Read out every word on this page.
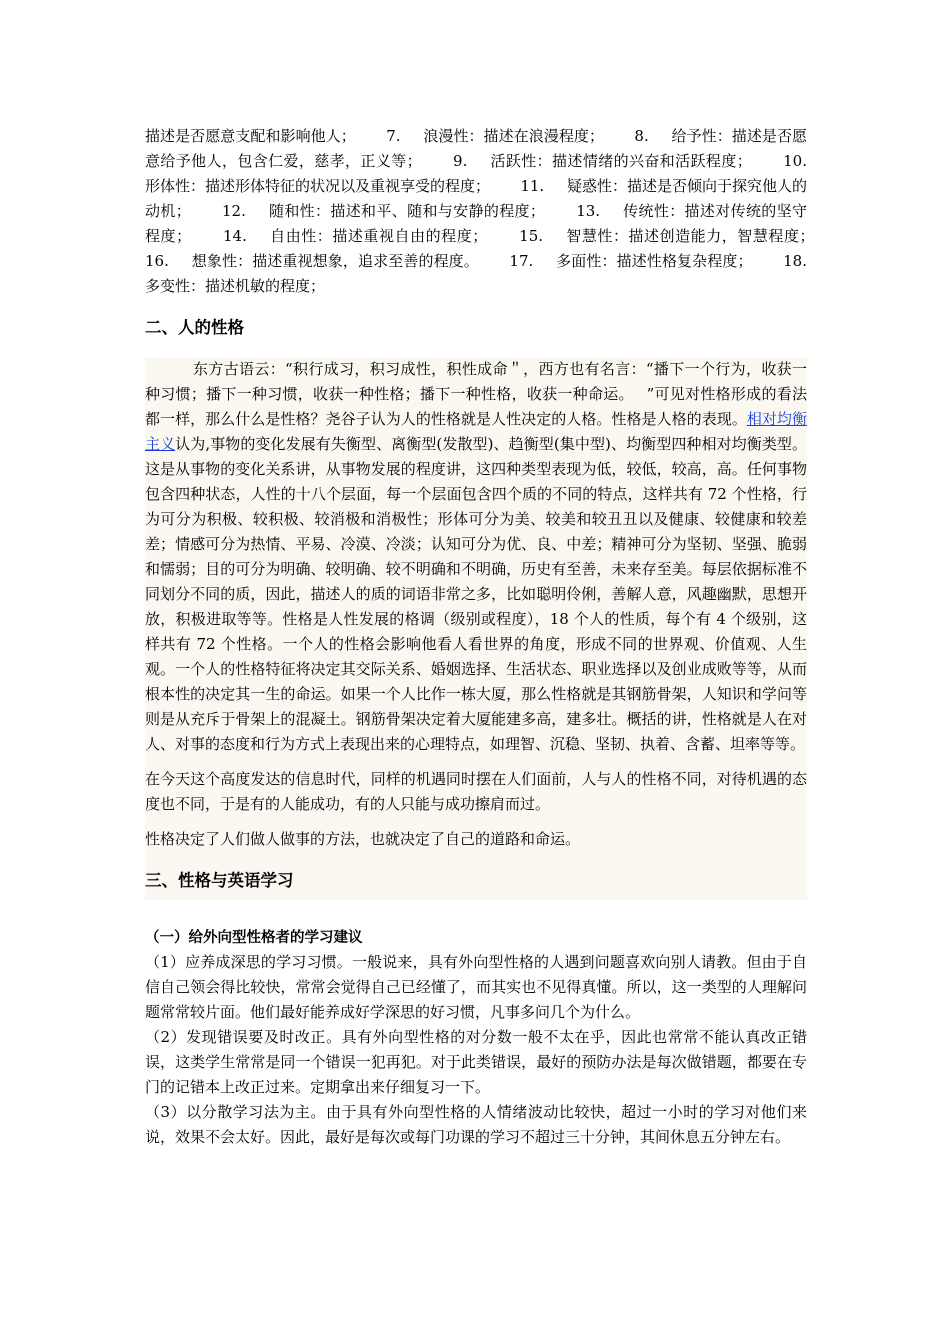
描述是否愿意支配和影响他人；　 7. 浪漫性：描述在浪漫程度；　 8. 给予性：描述是否愿意给予他人，包含仁爱，慈孝，正义等；　 9. 活跃性：描述情绪的兴奋和活跃程度；　 10. 形体性：描述形体特征的状况以及重视享受的程度；　 11. 疑惑性：描述是否倾向于探究他人的动机；　 12. 随和性：描述和平、随和与安静的程度；　 13. 传统性：描述对传统的坚守程度；　 14. 自由性：描述重视自由的程度；　 15. 智慧性：描述创造能力，智慧程度；　 16. 想象性：描述重视想象，追求至善的程度。　 17. 多面性：描述性格复杂程度；　 18. 多变性：描述机敏的程度；

二、人的性格

东方古语云：“积行成习，积习成性，积性成命＂，西方也有名言：“播下一个行为，收获一种习惯；播下一种习惯，收获一种性格；播下一种性格，收获一种命运。　 ”可见对性格形成的看法都一样，那么什么是性格？尧谷子认为人的性格就是人性决定的人格。性格是人格的表现。相对均衡主义认为,事物的变化发展有失衡型、离衡型(发散型)、趋衡型(集中型)、均衡型四种相对均衡类型。这是从事物的变化关系讲，从事物发展的程度讲，这四种类型表现为低，较低，较高，高。任何事物包含四种状态，人性的十八个层面，每一个层面包含四个质的不同的特点，这样共有 72 个性格，行为可分为积极、较积极、较消极和消极性；形体可分为美、较美和较丑丑以及健康、较健康和较差差；情感可分为热情、平易、冷漠、冷淡；认知可分为优、良、中差；精神可分为坚韧、坚强、脆弱和懦弱；目的可分为明确、较明确、较不明确和不明确，历史有至善，未来存至美。每层依据标准不同划分不同的质，因此，描述人的质的词语非常之多，比如聪明伶俐，善解人意，风趣幽默，思想开放，积极进取等等。性格是人性发展的格调（级别或程度），18 个人的性质，每个有 4 个级别，这样共有 72 个性格。一个人的性格会影响他看人看世界的角度，形成不同的世界观、价值观、人生观。一个人的性格特征将决定其交际关系、婚姻选择、生活状态、职业选择以及创业成败等等，从而根本性的决定其一生的命运。如果一个人比作一栋大厦，那么性格就是其钢筋骨架，人知识和学问等则是从充斥于骨架上的混凝土。钢筋骨架决定着大厦能建多高，建多壮。概括的讲，性格就是人在对人、对事的态度和行为方式上表现出来的心理特点，如理智、沉稳、坚韧、执着、含蓄、坦率等等。

在今天这个高度发达的信息时代，同样的机遇同时摆在人们面前，人与人的性格不同，对待机遇的态度也不同，于是有的人能成功，有的人只能与成功擦肩而过。

性格决定了人们做人做事的方法，也就决定了自己的道路和命运。

三、性格与英语学习
（一）给外向型性格者的学习建议

（1）应养成深思的学习习惯。一般说来，具有外向型性格的人遇到问题喜欢向别人请教。但由于自信自己领会得比较快，常常会觉得自己已经懂了，而其实也不见得真懂。所以，这一类型的人理解问题常常较片面。他们最好能养成好学深思的好习惯，凡事多问几个为什么。

（2）发现错误要及时改正。具有外向型性格的对分数一般不太在乎，因此也常常不能认真改正错误，这类学生常常是同一个错误一犯再犯。对于此类错误，最好的预防办法是每次做错题，都要在专门的记错本上改正过来。定期拿出来仔细复习一下。

（3）以分散学习法为主。由于具有外向型性格的人情绪波动比较快，超过一小时的学习对他们来说，效果不会太好。因此，最好是每次或每门功课的学习不超过三十分钟，其间休息五分钟左右。
